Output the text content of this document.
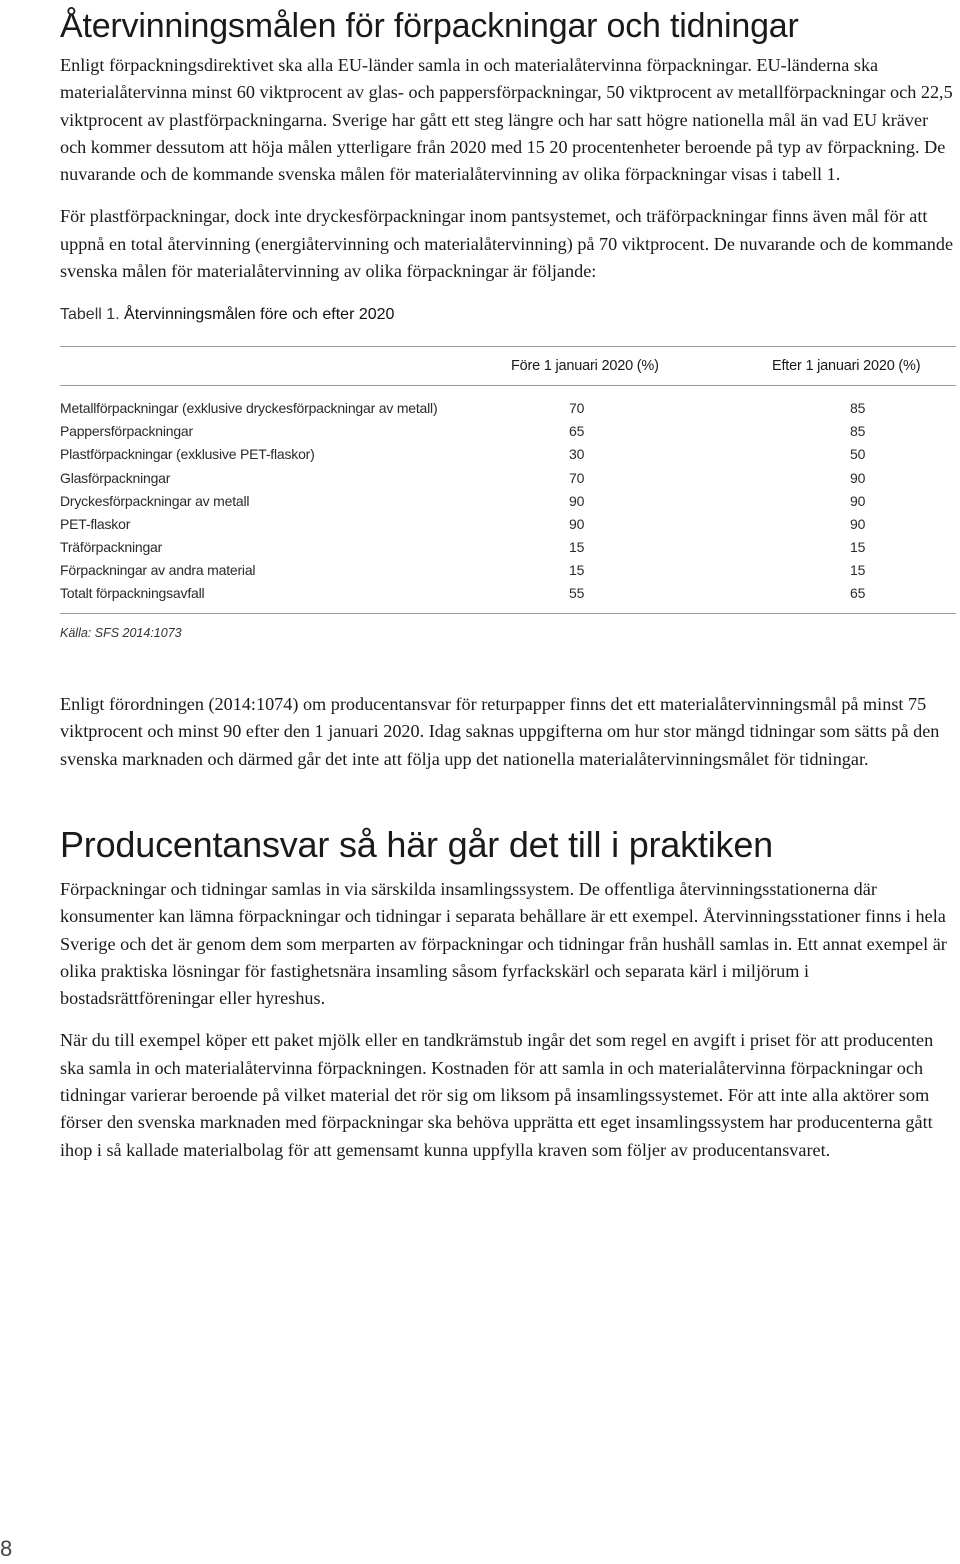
Återvinningsmålen för förpackningar och tidningar

Enligt förpackningsdirektivet ska alla EU-länder samla in och materialåtervinna förpackningar. EU-länderna ska materialåtervinna minst 60 viktprocent av glas- och pappersförpackningar, 50 viktprocent av metallförpackningar och 22,5 viktprocent av plastförpackningarna. Sverige har gått ett steg längre och har satt högre nationella mål än vad EU kräver och kommer dessutom att höja målen ytterligare från 2020 med 15 20 procentenheter beroende på typ av förpackning. De nuvarande och de kommande svenska målen för materialåtervinning av olika förpackningar visas i tabell 1.

För plastförpackningar, dock inte dryckesförpackningar inom pantsystemet, och träförpackningar finns även mål för att uppnå en total återvinning (energiåtervinning och materialåtervinning) på 70 viktprocent. De nuvarande och de kommande svenska målen för materialåtervinning av olika förpackningar är följande:

Tabell 1. Återvinningsmålen före och efter 2020
	Före 1 januari 2020 (%)	Efter 1 januari 2020 (%)
Metallförpackningar (exklusive dryckesförpackningar av metall)	70	85
Pappersförpackningar	65	85
Plastförpackningar (exklusive PET-flaskor)	30	50
Glasförpackningar	70	90
Dryckesförpackningar av metall	90	90
PET-flaskor	90	90
Träförpackningar	15	15
Förpackningar av andra material	15	15
Totalt förpackningsavfall	55	65
Källa: SFS 2014:1073

Enligt förordningen (2014:1074) om producentansvar för returpapper finns det ett materialåtervinningsmål på minst 75 viktprocent och minst 90 efter den 1 januari 2020. Idag saknas uppgifterna om hur stor mängd tidningar som sätts på den svenska marknaden och därmed går det inte att följa upp det nationella materialåtervinningsmålet för tidningar.

Producentansvar så här går det till i praktiken

Förpackningar och tidningar samlas in via särskilda insamlingssystem. De offentliga återvinningsstationerna där konsumenter kan lämna förpackningar och tidningar i separata behållare är ett exempel. Återvinningsstationer finns i hela Sverige och det är genom dem som merparten av förpackningar och tidningar från hushåll samlas in. Ett annat exempel är olika praktiska lösningar för fastighetsnära insamling såsom fyrfackskärl och separata kärl i miljörum i bostadsrättföreningar eller hyreshus.

När du till exempel köper ett paket mjölk eller en tandkrämstub ingår det som regel en avgift i priset för att producenten ska samla in och materialåtervinna förpackningen. Kostnaden för att samla in och materialåtervinna förpackningar och tidningar varierar beroende på vilket material det rör sig om liksom på insamlingssystemet. För att inte alla aktörer som förser den svenska marknaden med förpackningar ska behöva upprätta ett eget insamlingssystem har producenterna gått ihop i så kallade materialbolag för att gemensamt kunna uppfylla kraven som följer av producentansvaret.

8
